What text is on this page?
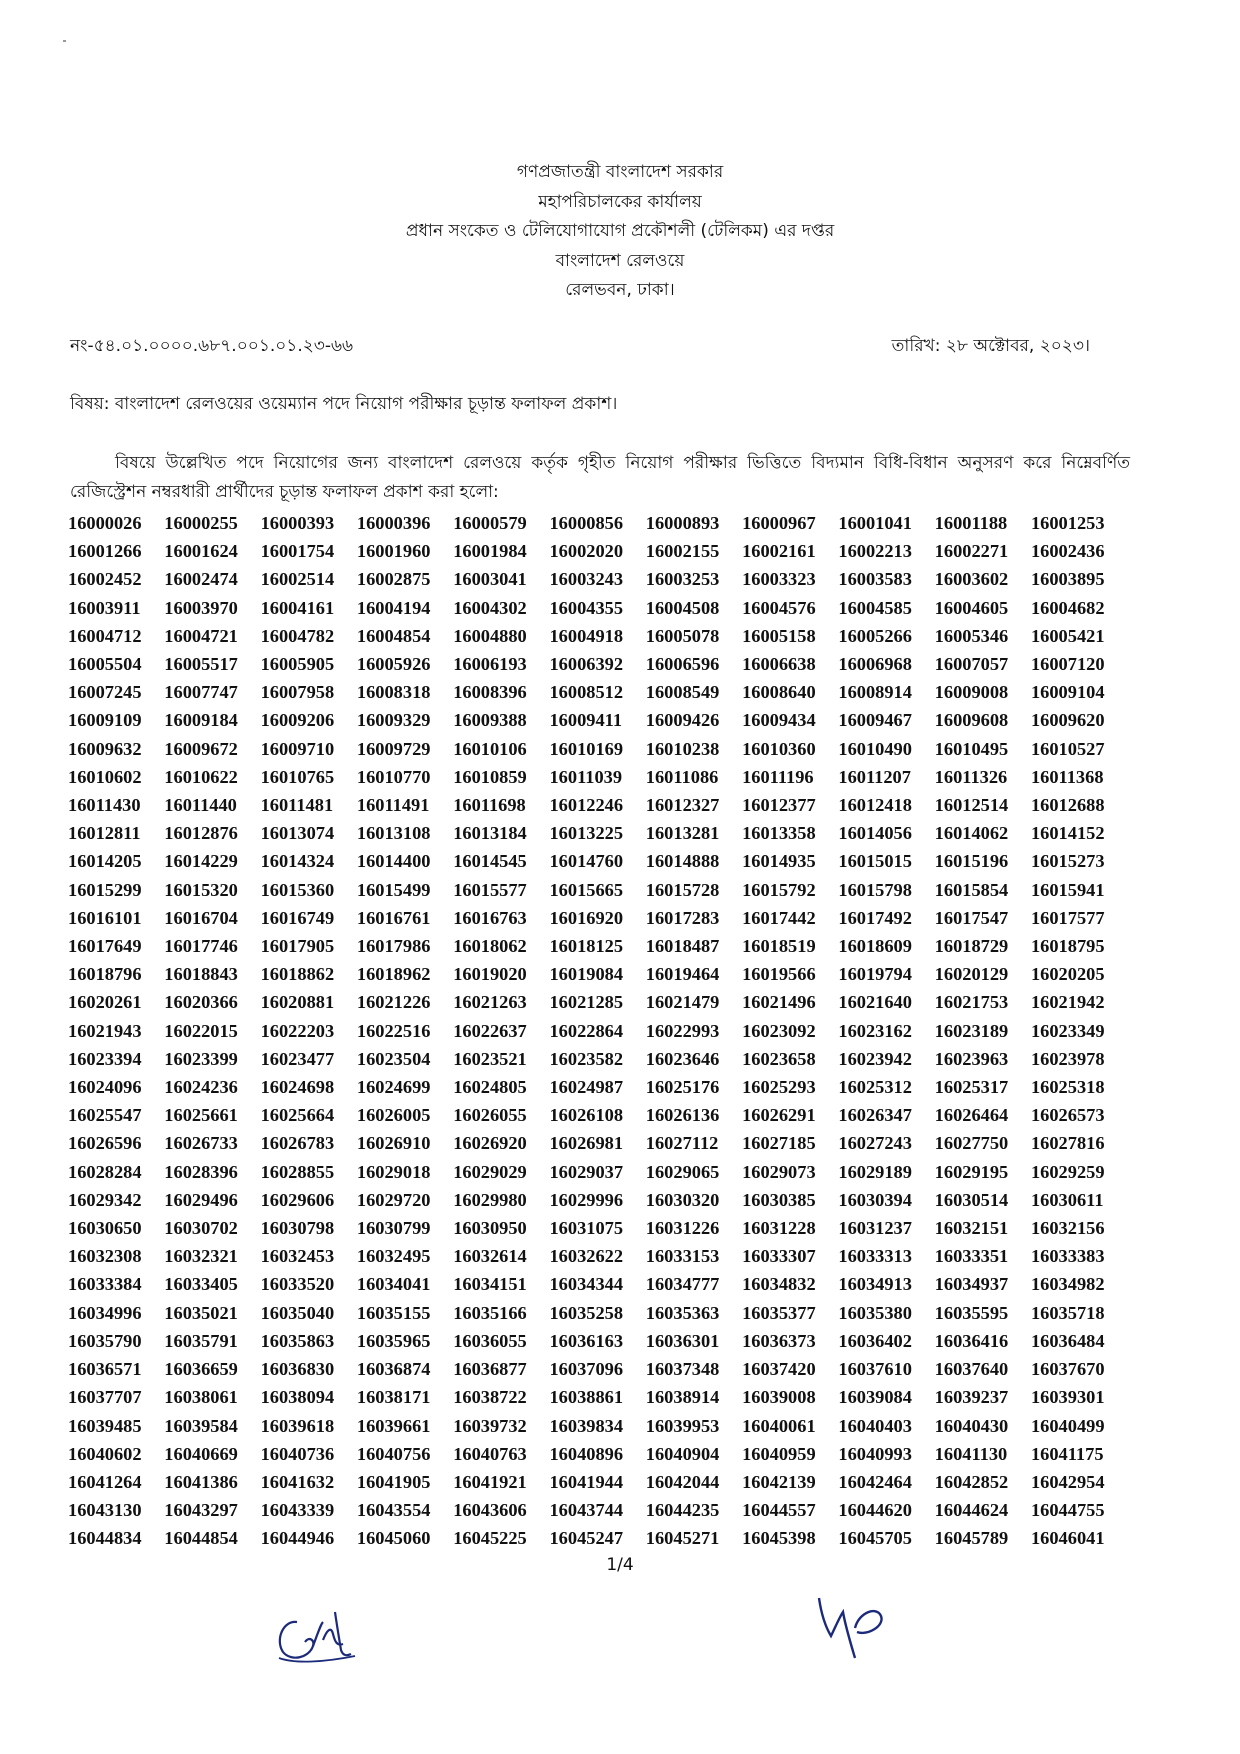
গণপ্রজাতন্ত্রী বাংলাদেশ সরকার
মহাপরিচালকের কার্যালয়
প্রধান সংকেত ও টেলিযোগাযোগ প্রকৌশলী (টেলিকম) এর দপ্তর
বাংলাদেশ রেলওয়ে
রেলভবন, ঢাকা।
নং-৫৪.০১.০০০০.৬৮৭.০০১.০১.২৩-৬৬	তারিখ: ২৮ অক্টোবর, ২০২৩।
বিষয়: বাংলাদেশ রেলওয়ের ওয়েম্যান পদে নিয়োগ পরীক্ষার চূড়ান্ত ফলাফল প্রকাশ।
বিষয়ে উল্লেখিত পদে নিয়োগের জন্য বাংলাদেশ রেলওয়ে কর্তৃক গৃহীত নিয়োগ পরীক্ষার ভিত্তিতে বিদ্যমান বিধি-বিধান অনুসরণ করে নিম্নেবর্ণিত রেজিস্ট্রেশন নম্বরধারী প্রার্থীদের চূড়ান্ত ফলাফল প্রকাশ করা হলো:
16000026	16000255	16000393	16000396	16000579	16000856	16000893	16000967	16001041	16001188	16001253
16001266	16001624	16001754	16001960	16001984	16002020	16002155	16002161	16002213	16002271	16002436
16002452	16002474	16002514	16002875	16003041	16003243	16003253	16003323	16003583	16003602	16003895
16003911	16003970	16004161	16004194	16004302	16004355	16004508	16004576	16004585	16004605	16004682
16004712	16004721	16004782	16004854	16004880	16004918	16005078	16005158	16005266	16005346	16005421
16005504	16005517	16005905	16005926	16006193	16006392	16006596	16006638	16006968	16007057	16007120
16007245	16007747	16007958	16008318	16008396	16008512	16008549	16008640	16008914	16009008	16009104
16009109	16009184	16009206	16009329	16009388	16009411	16009426	16009434	16009467	16009608	16009620
16009632	16009672	16009710	16009729	16010106	16010169	16010238	16010360	16010490	16010495	16010527
16010602	16010622	16010765	16010770	16010859	16011039	16011086	16011196	16011207	16011326	16011368
16011430	16011440	16011481	16011491	16011698	16012246	16012327	16012377	16012418	16012514	16012688
16012811	16012876	16013074	16013108	16013184	16013225	16013281	16013358	16014056	16014062	16014152
16014205	16014229	16014324	16014400	16014545	16014760	16014888	16014935	16015015	16015196	16015273
16015299	16015320	16015360	16015499	16015577	16015665	16015728	16015792	16015798	16015854	16015941
16016101	16016704	16016749	16016761	16016763	16016920	16017283	16017442	16017492	16017547	16017577
16017649	16017746	16017905	16017986	16018062	16018125	16018487	16018519	16018609	16018729	16018795
16018796	16018843	16018862	16018962	16019020	16019084	16019464	16019566	16019794	16020129	16020205
16020261	16020366	16020881	16021226	16021263	16021285	16021479	16021496	16021640	16021753	16021942
16021943	16022015	16022203	16022516	16022637	16022864	16022993	16023092	16023162	16023189	16023349
16023394	16023399	16023477	16023504	16023521	16023582	16023646	16023658	16023942	16023963	16023978
16024096	16024236	16024698	16024699	16024805	16024987	16025176	16025293	16025312	16025317	16025318
16025547	16025661	16025664	16026005	16026055	16026108	16026136	16026291	16026347	16026464	16026573
16026596	16026733	16026783	16026910	16026920	16026981	16027112	16027185	16027243	16027750	16027816
16028284	16028396	16028855	16029018	16029029	16029037	16029065	16029073	16029189	16029195	16029259
16029342	16029496	16029606	16029720	16029980	16029996	16030320	16030385	16030394	16030514	16030611
16030650	16030702	16030798	16030799	16030950	16031075	16031226	16031228	16031237	16032151	16032156
16032308	16032321	16032453	16032495	16032614	16032622	16033153	16033307	16033313	16033351	16033383
16033384	16033405	16033520	16034041	16034151	16034344	16034777	16034832	16034913	16034937	16034982
16034996	16035021	16035040	16035155	16035166	16035258	16035363	16035377	16035380	16035595	16035718
16035790	16035791	16035863	16035965	16036055	16036163	16036301	16036373	16036402	16036416	16036484
16036571	16036659	16036830	16036874	16036877	16037096	16037348	16037420	16037610	16037640	16037670
16037707	16038061	16038094	16038171	16038722	16038861	16038914	16039008	16039084	16039237	16039301
16039485	16039584	16039618	16039661	16039732	16039834	16039953	16040061	16040403	16040430	16040499
16040602	16040669	16040736	16040756	16040763	16040896	16040904	16040959	16040993	16041130	16041175
16041264	16041386	16041632	16041905	16041921	16041944	16042044	16042139	16042464	16042852	16042954
16043130	16043297	16043339	16043554	16043606	16043744	16044235	16044557	16044620	16044624	16044755
16044834	16044854	16044946	16045060	16045225	16045247	16045271	16045398	16045705	16045789	16046041
1/4
